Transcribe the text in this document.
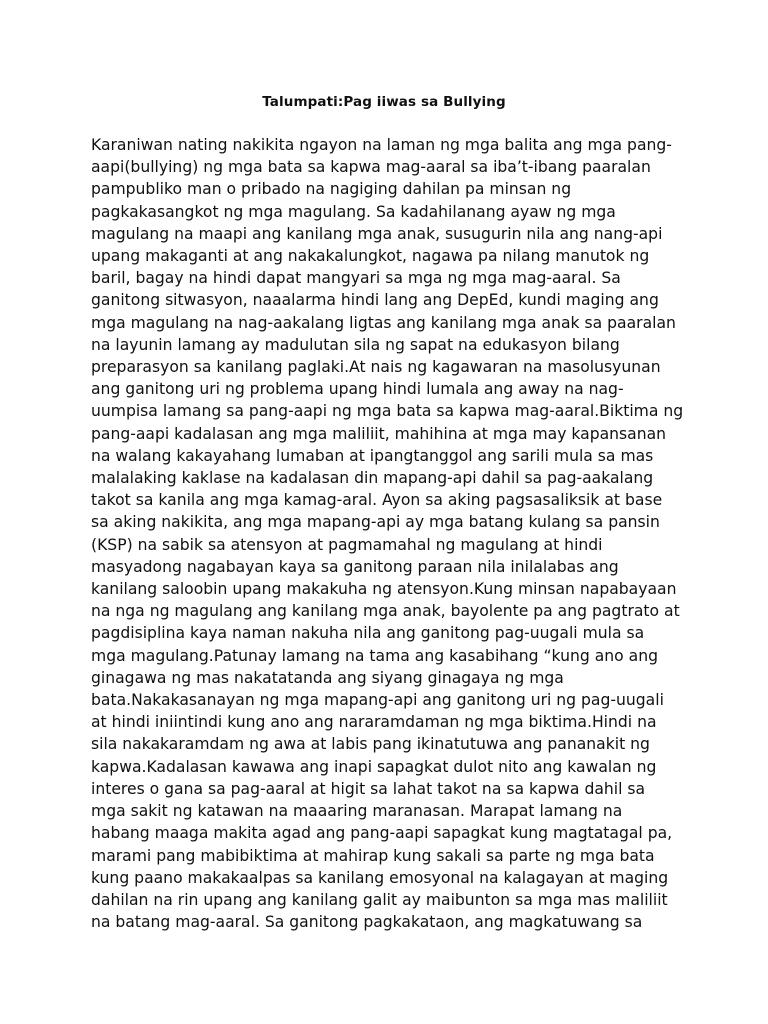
Talumpati:Pag iiwas sa Bullying
Karaniwan nating nakikita ngayon na laman ng mga balita ang mga pang-
aapi(bullying) ng mga bata sa kapwa mag-aaral sa iba’t-ibang paaralan
pampubliko man o pribado na nagiging dahilan pa minsan ng
pagkakasangkot ng mga magulang. Sa kadahilanang ayaw ng mga
magulang na maapi ang kanilang mga anak, susugurin nila ang nang-api
upang makaganti at ang nakakalungkot, nagawa pa nilang manutok ng
baril, bagay na hindi dapat mangyari sa mga ng mga mag-aaral. Sa
ganitong sitwasyon, naaalarma hindi lang ang DepEd, kundi maging ang
mga magulang na nag-aakalang ligtas ang kanilang mga anak sa paaralan
na layunin lamang ay madulutan sila ng sapat na edukasyon bilang
preparasyon sa kanilang paglaki.At nais ng kagawaran na masolusyunan
ang ganitong uri ng problema upang hindi lumala ang away na nag-
uumpisa lamang sa pang-aapi ng mga bata sa kapwa mag-aaral.Biktima ng
pang-aapi kadalasan ang mga maliliit, mahihina at mga may kapansanan
na walang kakayahang lumaban at ipangtanggol ang sarili mula sa mas
malalaking kaklase na kadalasan din mapang-api dahil sa pag-aakalang
takot sa kanila ang mga kamag-aral. Ayon sa aking pagsasaliksik at base
sa aking nakikita, ang mga mapang-api ay mga batang kulang sa pansin
(KSP) na sabik sa atensyon at pagmamahal ng magulang at hindi
masyadong nagabayan kaya sa ganitong paraan nila inilalabas ang
kanilang saloobin upang makakuha ng atensyon.Kung minsan napabayaan
na nga ng magulang ang kanilang mga anak, bayolente pa ang pagtrato at
pagdisiplina kaya naman nakuha nila ang ganitong pag-uugali mula sa
mga magulang.Patunay lamang na tama ang kasabihang “kung ano ang
ginagawa ng mas nakatatanda ang siyang ginagaya ng mga
bata.Nakakasanayan ng mga mapang-api ang ganitong uri ng pag-uugali
at hindi iniintindi kung ano ang nararamdaman ng mga biktima.Hindi na
sila nakakaramdam ng awa at labis pang ikinatutuwa ang pananakit ng
kapwa.Kadalasan kawawa ang inapi sapagkat dulot nito ang kawalan ng
interes o gana sa pag-aaral at higit sa lahat takot na sa kapwa dahil sa
mga sakit ng katawan na maaaring maranasan. Marapat lamang na
habang maaga makita agad ang pang-aapi sapagkat kung magtatagal pa,
marami pang mabibiktima at mahirap kung sakali sa parte ng mga bata
kung paano makakaalpas sa kanilang emosyonal na kalagayan at maging
dahilan na rin upang ang kanilang galit ay maibunton sa mga mas maliliit
na batang mag-aaral. Sa ganitong pagkakataon, ang magkatuwang sa
